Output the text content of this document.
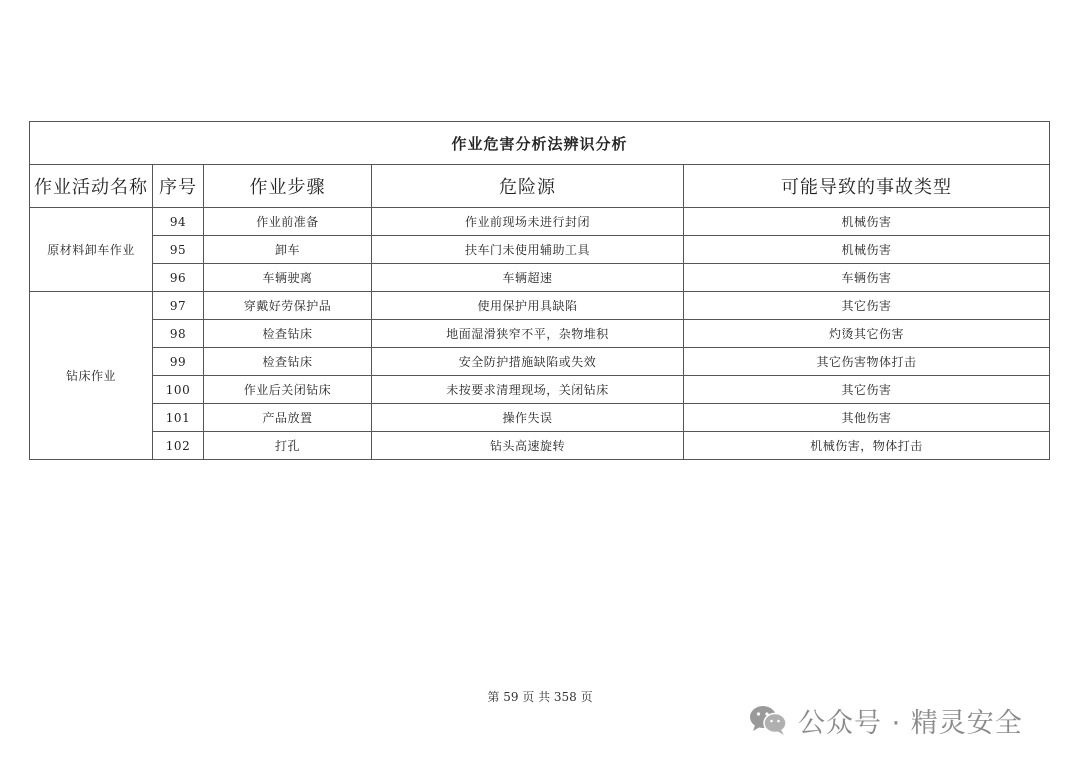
作业危害分析法辨识分析				
作业活动名称	序号	作业步骤	危险源	可能导致的事故类型
原材料卸车作业	94	作业前准备	作业前现场未进行封闭	机械伤害
	95	卸车	扶车门未使用辅助工具	机械伤害
	96	车辆驶离	车辆超速	车辆伤害
钻床作业	97	穿戴好劳保护品	使用保护用具缺陷	其它伤害
	98	检查钻床	地面湿滑狭窄不平，杂物堆积	灼烫其它伤害
	99	检查钻床	安全防护措施缺陷或失效	其它伤害物体打击
	100	作业后关闭钻床	未按要求清理现场，关闭钻床	其它伤害
	101	产品放置	操作失误	其他伤害
	102	打孔	钻头高速旋转	机械伤害，物体打击
第 59 页 共 358 页
公众号 · 精灵安全
